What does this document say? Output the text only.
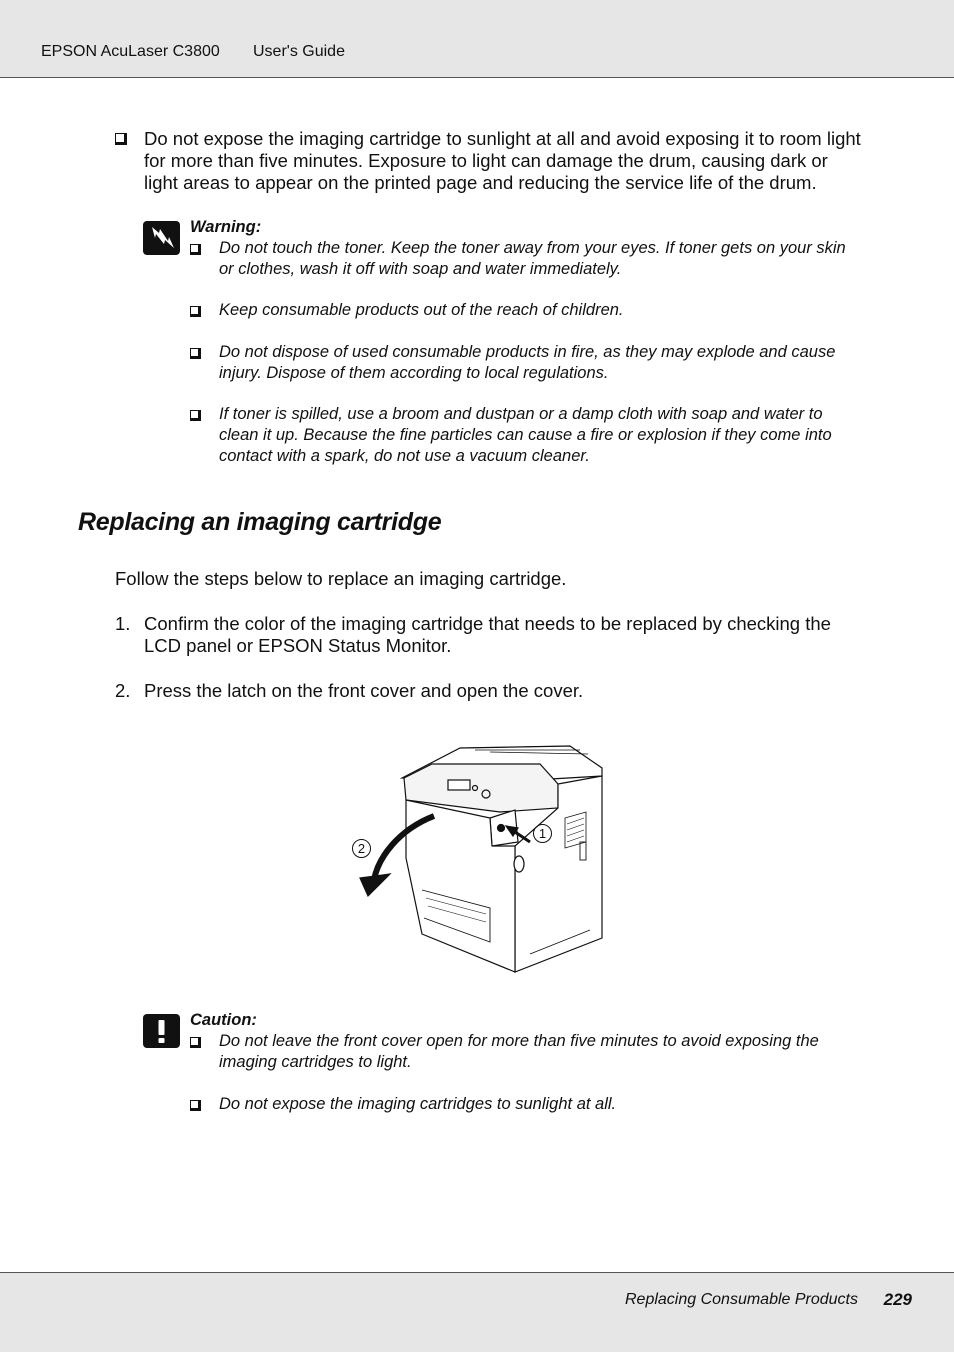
EPSON AcuLaser C3800 User's Guide
Do not expose the imaging cartridge to sunlight at all and avoid exposing it to room light
for more than five minutes. Exposure to light can damage the drum, causing dark or
light areas to appear on the printed page and reducing the service life of the drum.
Warning:
Do not touch the toner. Keep the toner away from your eyes. If toner gets on your skin
or clothes, wash it off with soap and water immediately.
Keep consumable products out of the reach of children.
Do not dispose of used consumable products in fire, as they may explode and cause
injury. Dispose of them according to local regulations.
If toner is spilled, use a broom and dustpan or a damp cloth with soap and water to
clean it up. Because the fine particles can cause a fire or explosion if they come into
contact with a spark, do not use a vacuum cleaner.
Replacing an imaging cartridge
Follow the steps below to replace an imaging cartridge.
1. Confirm the color of the imaging cartridge that needs to be replaced by checking the
LCD panel or EPSON Status Monitor.
2. Press the latch on the front cover and open the cover.
1
2
Caution:
Do not leave the front cover open for more than five minutes to avoid exposing the
imaging cartridges to light.
Do not expose the imaging cartridges to sunlight at all.
Replacing Consumable Products 229
